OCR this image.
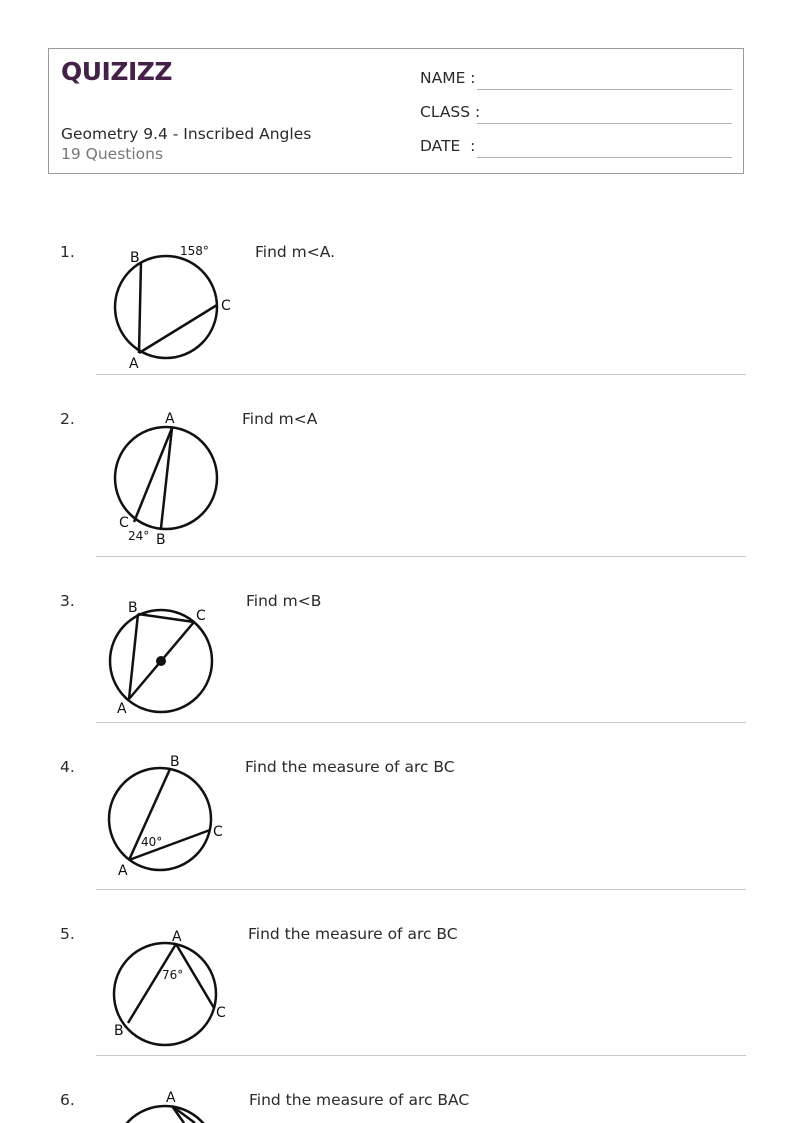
QUIZIZZ
Geometry 9.4 - Inscribed Angles
19 Questions
NAME :
CLASS :
DATE  :
1.	Find m<A.
B
A
C
158°
2.	Find m<A
A
C
B
24°
3.	Find m<B
B	C
A
4.	Find the measure of arc BC
B
C
A
40°
5.	Find the measure of arc BC
A
B
C
76°
6.	Find the measure of arc BAC
A
